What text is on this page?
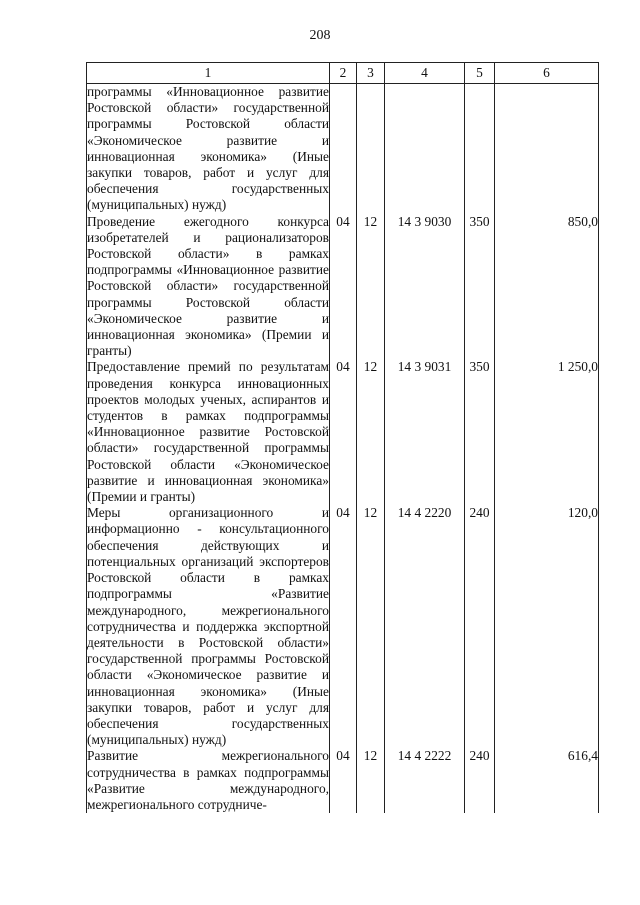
208
1	2	3	4	5	6
программы «Инновационное развитие Ростовской области» государственной программы Ростовской области «Экономическое развитие и инновационная экономика» (Иные закупки товаров, работ и услуг для обеспечения государственных (муниципальных) нужд)					
Проведение ежегодного конкурса изобретателей и рационализаторов Ростовской области» в рамках подпрограммы «Инновационное развитие Ростовской области» государственной программы Ростовской области «Экономическое развитие и инновационная экономика» (Премии и гранты)	04	12	14 3 9030	350	850,0
Предоставление премий по результатам проведения конкурса инновационных проектов молодых ученых, аспирантов и студентов в рамках подпрограммы «Инновационное развитие Ростовской области» государственной программы Ростовской области «Экономическое развитие и инновационная экономика» (Премии и гранты)	04	12	14 3 9031	350	1 250,0
Меры организационного и информационно - консультационного обеспечения действующих и потенциальных организаций экспортеров Ростовской области в рамках подпрограммы «Развитие международного, межрегионального сотрудничества и поддержка экспортной деятельности в Ростовской области» государственной программы Ростовской области «Экономическое развитие и инновационная экономика» (Иные закупки товаров, работ и услуг для обеспечения государственных (муниципальных) нужд)	04	12	14 4 2220	240	120,0
Развитие межрегионального сотрудничества в рамках подпрограммы «Развитие международного, межрегионального сотрудниче-	04	12	14 4 2222	240	616,4
